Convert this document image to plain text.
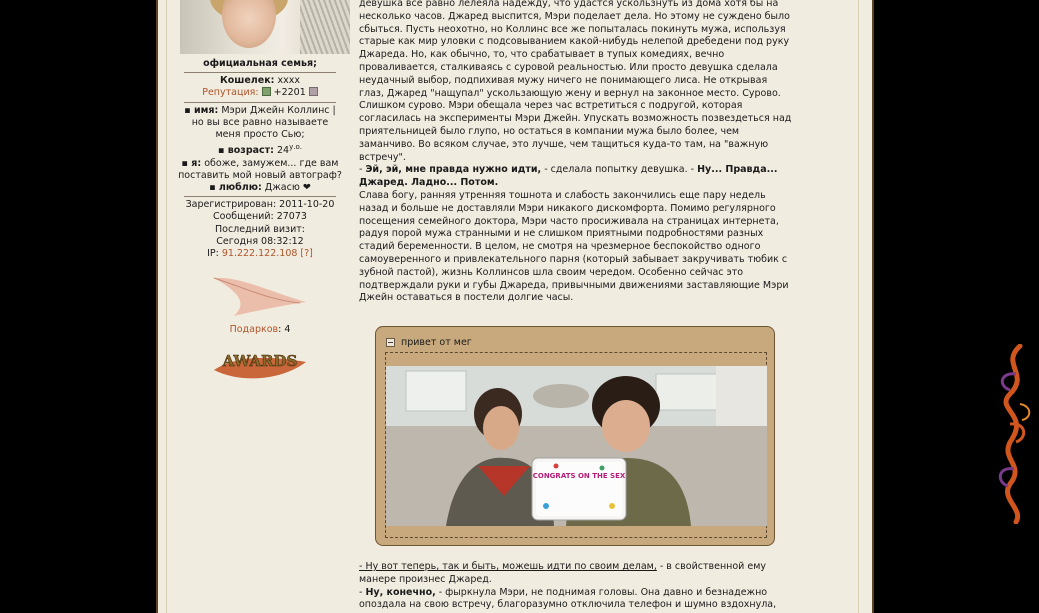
официальная семья;
Кошелек: хххх
Репутация: +2201
▪ имя: Мэри Джейн Коллинс | но вы все равно называете меня просто Сью;
▪ возраст: $24^{у.о.}$
▪ я: обоже, замужем... где вам поставить мой новый автограф?
▪ люблю: Джасю ❤
Зарегистрирован: 2011-10-20
Сообщений: 27073
Последний визит:
Сегодня 08:32:12
IP: 91.222.122.108 [?]
Подарков: 4
AWARDS

девушка все равно лелеяла надежду, что удастся ускользнуть из дома хотя бы на несколько часов. Джаред выспится, Мэри поделает дела. Но этому не суждено было сбыться. Пусть неохотно, но Коллинс все же попыталась покинуть мужа, используя старые как мир уловки с подсовыванием какой-нибудь нелепой дребедени под руку Джареда. Но, как обычно, то, что срабатывает в тупых комедиях, вечно проваливается, сталкиваясь с суровой реальностью. Или просто девушка сделала неудачный выбор, подпихивая мужу ничего не понимающего лиса. Не открывая глаз, Джаред "нащупал" ускользающую жену и вернул на законное место. Сурово. Слишком сурово. Мэри обещала через час встретиться с подругой, которая согласилась на эксперименты Мэри Джейн. Упускать возможность позвездеться над приятельницей было глупо, но остаться в компании мужа было более, чем заманчиво. Во всяком случае, это лучше, чем тащиться куда-то там, на "важную встречу".

- Эй, эй, мне правда нужно идти, - сделала попытку девушка. - Ну... Правда... Джаред. Ладно... Потом.

Слава богу, ранняя утренняя тошнота и слабость закончились еще пару недель назад и больше не доставляли Мэри никакого дискомфорта. Помимо регулярного посещения семейного доктора, Мэри часто просиживала на страницах интернета, радуя порой мужа странными и не слишком приятными подробностями разных стадий беременности. В целом, не смотря на чрезмерное беспокойство одного самоуверенного и привлекательного парня (который забывает закручивать тюбик с зубной пастой), жизнь Коллинсов шла своим чередом. Особенно сейчас это подтверждали руки и губы Джареда, привычными движениями заставляющие Мэри Джейн оставаться в постели долгие часы.

привет от мег
CONGRATS ON THE SEX

- Ну вот теперь, так и быть, можешь идти по своим делам, - в свойственной ему манере произнес Джаред.

- Ну, конечно, - фыркнула Мэри, не поднимая головы. Она давно и безнадежно опоздала на свою встречу, благоразумно отключила телефон и шумно вздохнула,
